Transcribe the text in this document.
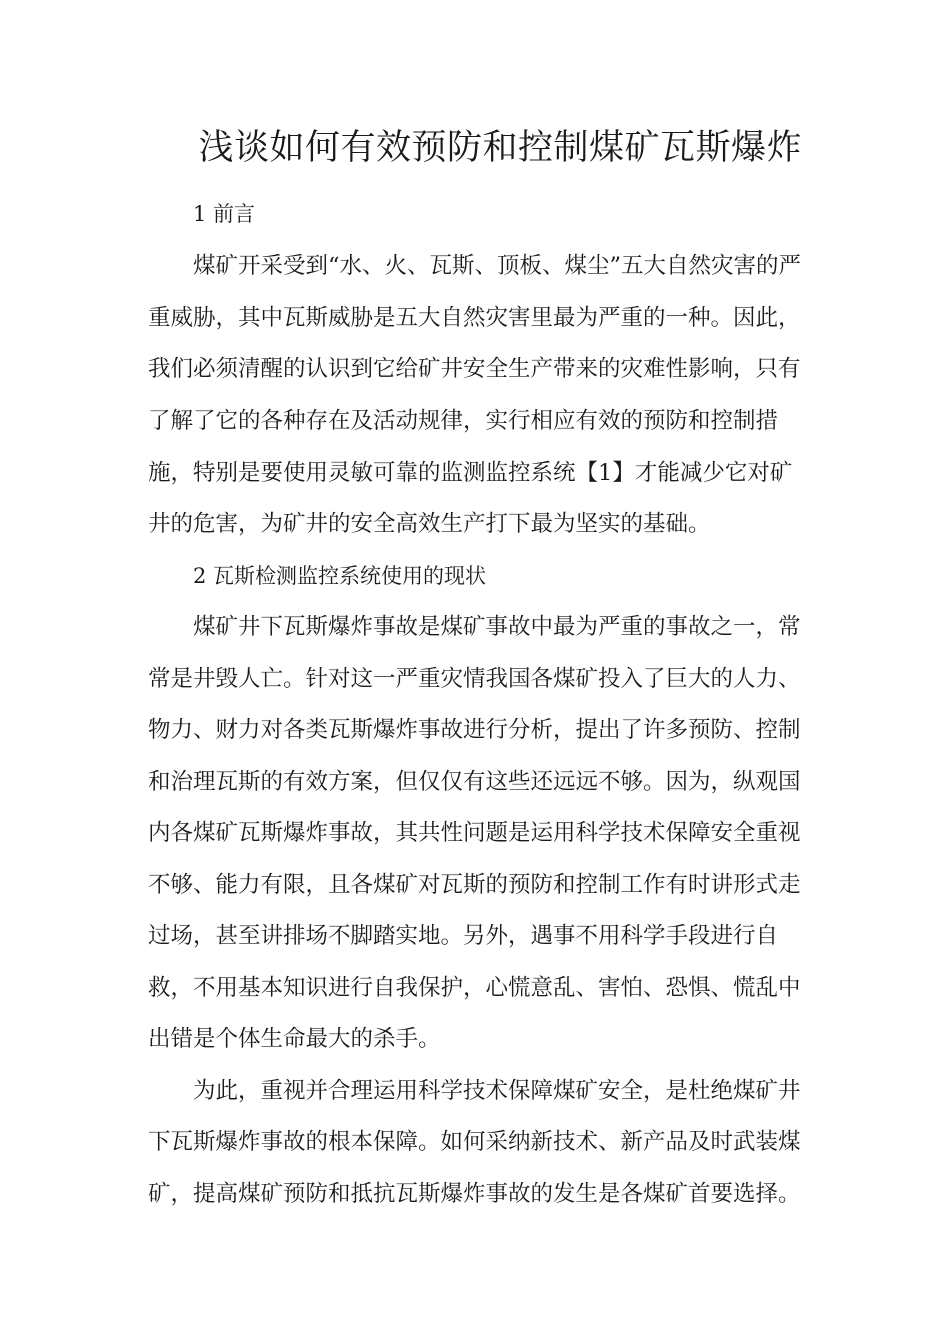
浅谈如何有效预防和控制煤矿瓦斯爆炸

1 前言

煤矿开采受到“水、火、瓦斯、顶板、煤尘”五大自然灾害的严

重威胁，其中瓦斯威胁是五大自然灾害里最为严重的一种。因此，

我们必须清醒的认识到它给矿井安全生产带来的灾难性影响，只有

了解了它的各种存在及活动规律，实行相应有效的预防和控制措

施，特别是要使用灵敏可靠的监测监控系统【1】才能减少它对矿

井的危害，为矿井的安全高效生产打下最为坚实的基础。

2 瓦斯检测监控系统使用的现状

煤矿井下瓦斯爆炸事故是煤矿事故中最为严重的事故之一，常

常是井毁人亡。针对这一严重灾情我国各煤矿投入了巨大的人力、

物力、财力对各类瓦斯爆炸事故进行分析，提出了许多预防、控制

和治理瓦斯的有效方案，但仅仅有这些还远远不够。因为，纵观国

内各煤矿瓦斯爆炸事故，其共性问题是运用科学技术保障安全重视

不够、能力有限，且各煤矿对瓦斯的预防和控制工作有时讲形式走

过场，甚至讲排场不脚踏实地。另外，遇事不用科学手段进行自

救，不用基本知识进行自我保护，心慌意乱、害怕、恐惧、慌乱中

出错是个体生命最大的杀手。

为此，重视并合理运用科学技术保障煤矿安全，是杜绝煤矿井

下瓦斯爆炸事故的根本保障。如何采纳新技术、新产品及时武装煤

矿，提高煤矿预防和抵抗瓦斯爆炸事故的发生是各煤矿首要选择。
